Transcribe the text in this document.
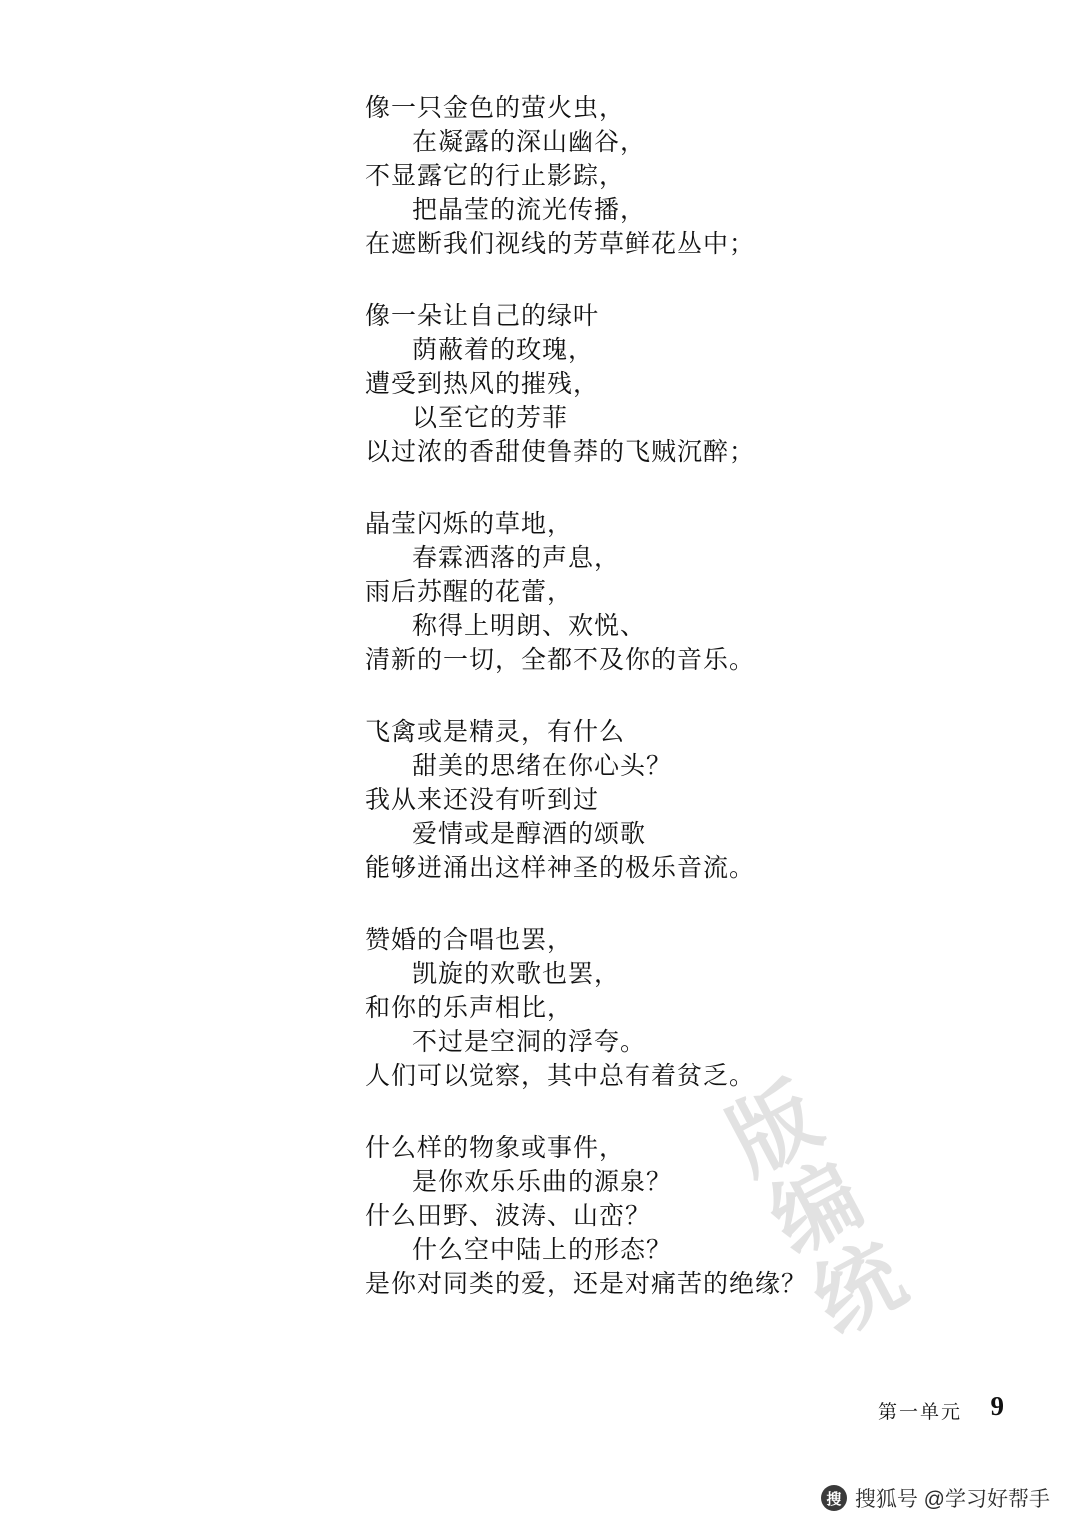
版
编
统
像一只金色的萤火虫，
在凝露的深山幽谷，
不显露它的行止影踪，
把晶莹的流光传播，
在遮断我们视线的芳草鲜花丛中；
像一朵让自己的绿叶
荫蔽着的玫瑰，
遭受到热风的摧残，
以至它的芳菲
以过浓的香甜使鲁莽的飞贼沉醉；
晶莹闪烁的草地，
春霖洒落的声息，
雨后苏醒的花蕾，
称得上明朗、欢悦、
清新的一切，全都不及你的音乐。
飞禽或是精灵，有什么
甜美的思绪在你心头？
我从来还没有听到过
爱情或是醇酒的颂歌
能够迸涌出这样神圣的极乐音流。
赞婚的合唱也罢，
凯旋的欢歌也罢，
和你的乐声相比，
不过是空洞的浮夸。
人们可以觉察，其中总有着贫乏。
什么样的物象或事件，
是你欢乐乐曲的源泉？
什么田野、波涛、山峦？
什么空中陆上的形态？
是你对同类的爱，还是对痛苦的绝缘？
第一单元 9
搜 搜狐号 @学习好帮手
